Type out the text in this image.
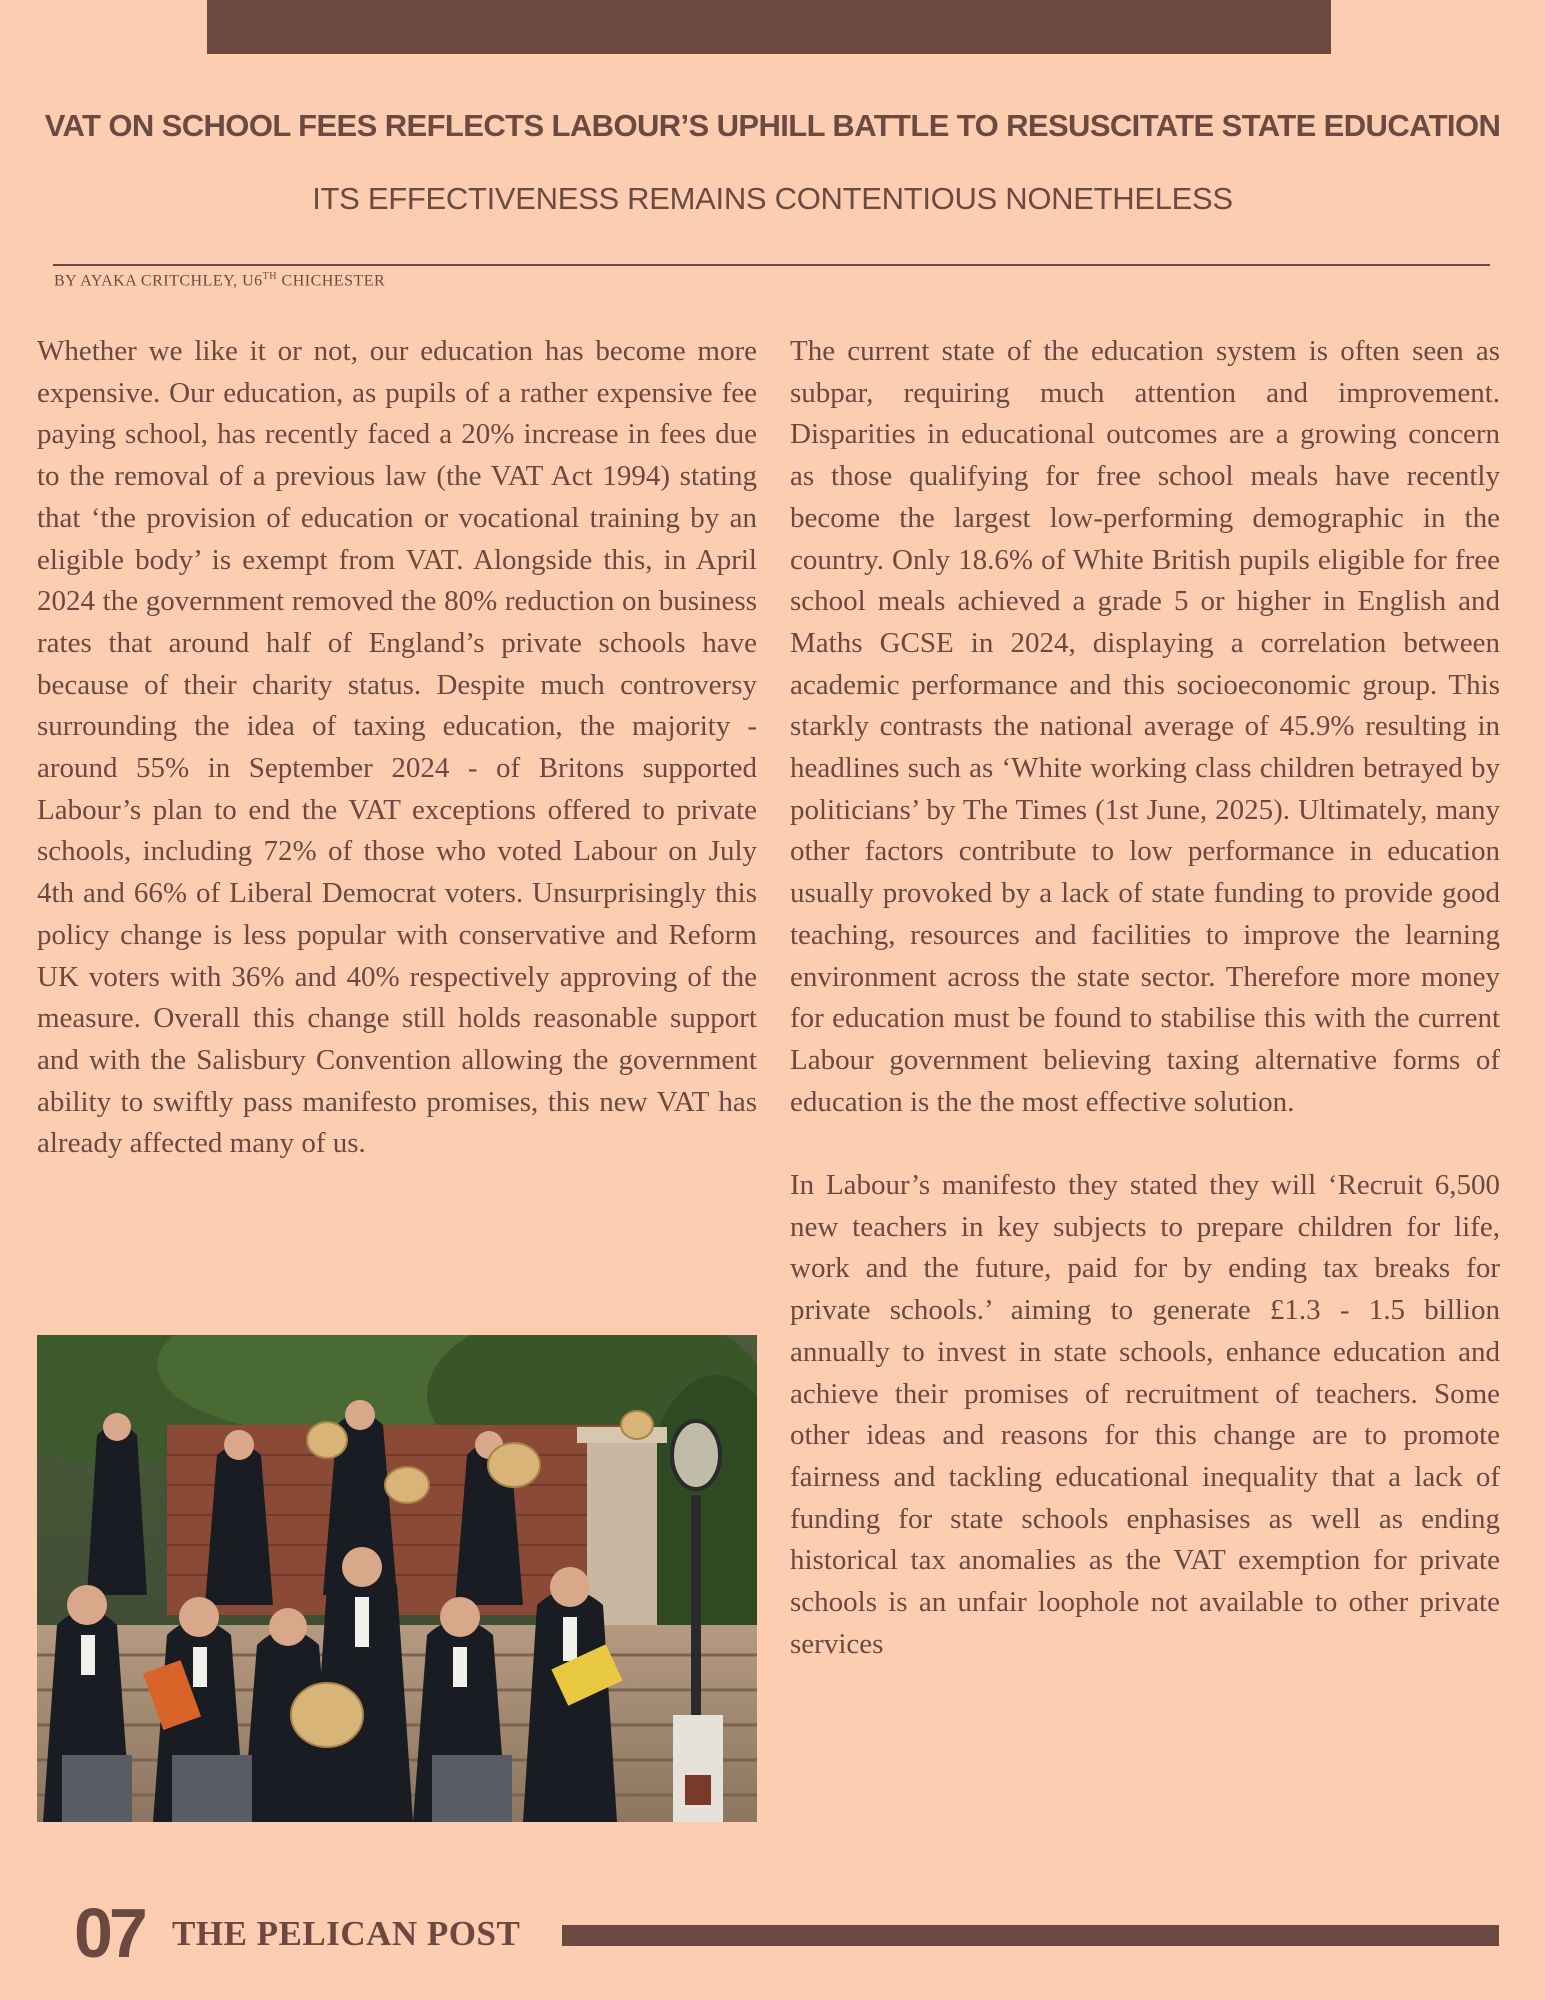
VAT ON SCHOOL FEES REFLECTS LABOUR’S UPHILL BATTLE TO RESUSCITATE STATE EDUCATION
ITS EFFECTIVENESS REMAINS CONTENTIOUS NONETHELESS
BY AYAKA CRITCHLEY, U6TH CHICHESTER

Whether we like it or not, our education has become more expensive. Our education, as pupils of a rather expensive fee paying school, has recently faced a 20% increase in fees due to the removal of a previous law (the VAT Act 1994) stating that ‘the provision of education or vocational training by an eligible body’ is exempt from VAT. Alongside this, in April 2024 the government removed the 80% reduction on business rates that around half of England’s private schools have because of their charity status. Despite much controversy surrounding the idea of taxing education, the majority - around 55% in September 2024 - of Britons supported Labour’s plan to end the VAT exceptions offered to private schools, including 72% of those who voted Labour on July 4th and 66% of Liberal Democrat voters. Unsurprisingly this policy change is less popular with conservative and Reform UK voters with 36% and 40% respectively approving of the measure. Overall this change still holds reasonable support and with the Salisbury Convention allowing the government ability to swiftly pass manifesto promises, this new VAT has already affected many of us.

The current state of the education system is often seen as subpar, requiring much attention and improvement. Disparities in educational outcomes are a growing concern as those qualifying for free school meals have recently become the largest low-performing demographic in the country. Only 18.6% of White British pupils eligible for free school meals achieved a grade 5 or higher in English and Maths GCSE in 2024, displaying a correlation between academic performance and this socioeconomic group. This starkly contrasts the national average of 45.9% resulting in headlines such as ‘White working class children betrayed by politicians’ by The Times (1st June, 2025). Ultimately, many other factors contribute to low performance in education usually provoked by a lack of state funding to provide good teaching, resources and facilities to improve the learning environment across the state sector. Therefore more money for education must be found to stabilise this with the current Labour government believing taxing alternative forms of education is the the most effective solution.

In Labour’s manifesto they stated they will ‘Recruit 6,500 new teachers in key subjects to prepare children for life, work and the future, paid for by ending tax breaks for private schools.’ aiming to generate £1.3 - 1.5 billion annually to invest in state schools, enhance education and achieve their promises of recruitment of teachers. Some other ideas and reasons for this change are to promote fairness and tackling educational inequality that a lack of funding for state schools enphasises as well as ending historical tax anomalies as the VAT exemption for private schools is an unfair loophole not available to other private services

07 THE PELICAN POST
